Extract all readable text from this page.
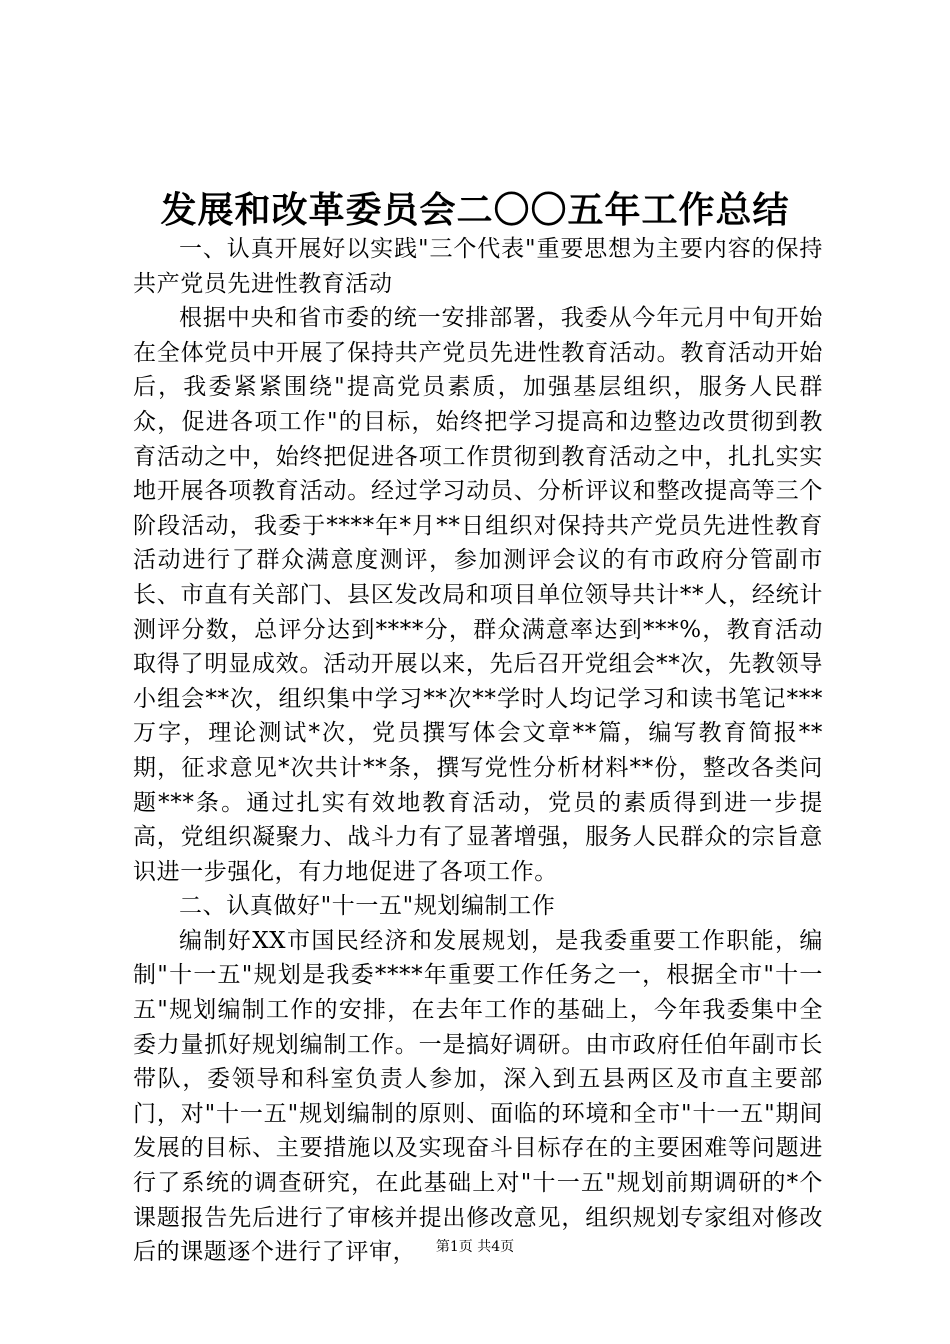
发展和改革委员会二〇〇五年工作总结

一、认真开展好以实践"三个代表"重要思想为主要内容的保持共产党员先进性教育活动

根据中央和省市委的统一安排部署，我委从今年元月中旬开始在全体党员中开展了保持共产党员先进性教育活动。教育活动开始后，我委紧紧围绕"提高党员素质，加强基层组织，服务人民群众，促进各项工作"的目标，始终把学习提高和边整边改贯彻到教育活动之中，始终把促进各项工作贯彻到教育活动之中，扎扎实实地开展各项教育活动。经过学习动员、分析评议和整改提高等三个阶段活动，我委于****年*月**日组织对保持共产党员先进性教育活动进行了群众满意度测评，参加测评会议的有市政府分管副市长、市直有关部门、县区发改局和项目单位领导共计**人，经统计测评分数，总评分达到****分，群众满意率达到***%，教育活动取得了明显成效。活动开展以来，先后召开党组会**次，先教领导小组会**次，组织集中学习**次**学时人均记学习和读书笔记***万字，理论测试*次，党员撰写体会文章**篇，编写教育简报**期，征求意见*次共计**条，撰写党性分析材料**份，整改各类问题***条。通过扎实有效地教育活动，党员的素质得到进一步提高，党组织凝聚力、战斗力有了显著增强，服务人民群众的宗旨意识进一步强化，有力地促进了各项工作。

二、认真做好"十一五"规划编制工作

编制好XX市国民经济和发展规划，是我委重要工作职能，编制"十一五"规划是我委****年重要工作任务之一，根据全市"十一五"规划编制工作的安排，在去年工作的基础上，今年我委集中全委力量抓好规划编制工作。一是搞好调研。由市政府任伯年副市长带队，委领导和科室负责人参加，深入到五县两区及市直主要部门，对"十一五"规划编制的原则、面临的环境和全市"十一五"期间发展的目标、主要措施以及实现奋斗目标存在的主要困难等问题进行了系统的调查研究，在此基础上对"十一五"规划前期调研的*个课题报告先后进行了审核并提出修改意见，组织规划专家组对修改后的课题逐个进行了评审，	第1页 共4页
